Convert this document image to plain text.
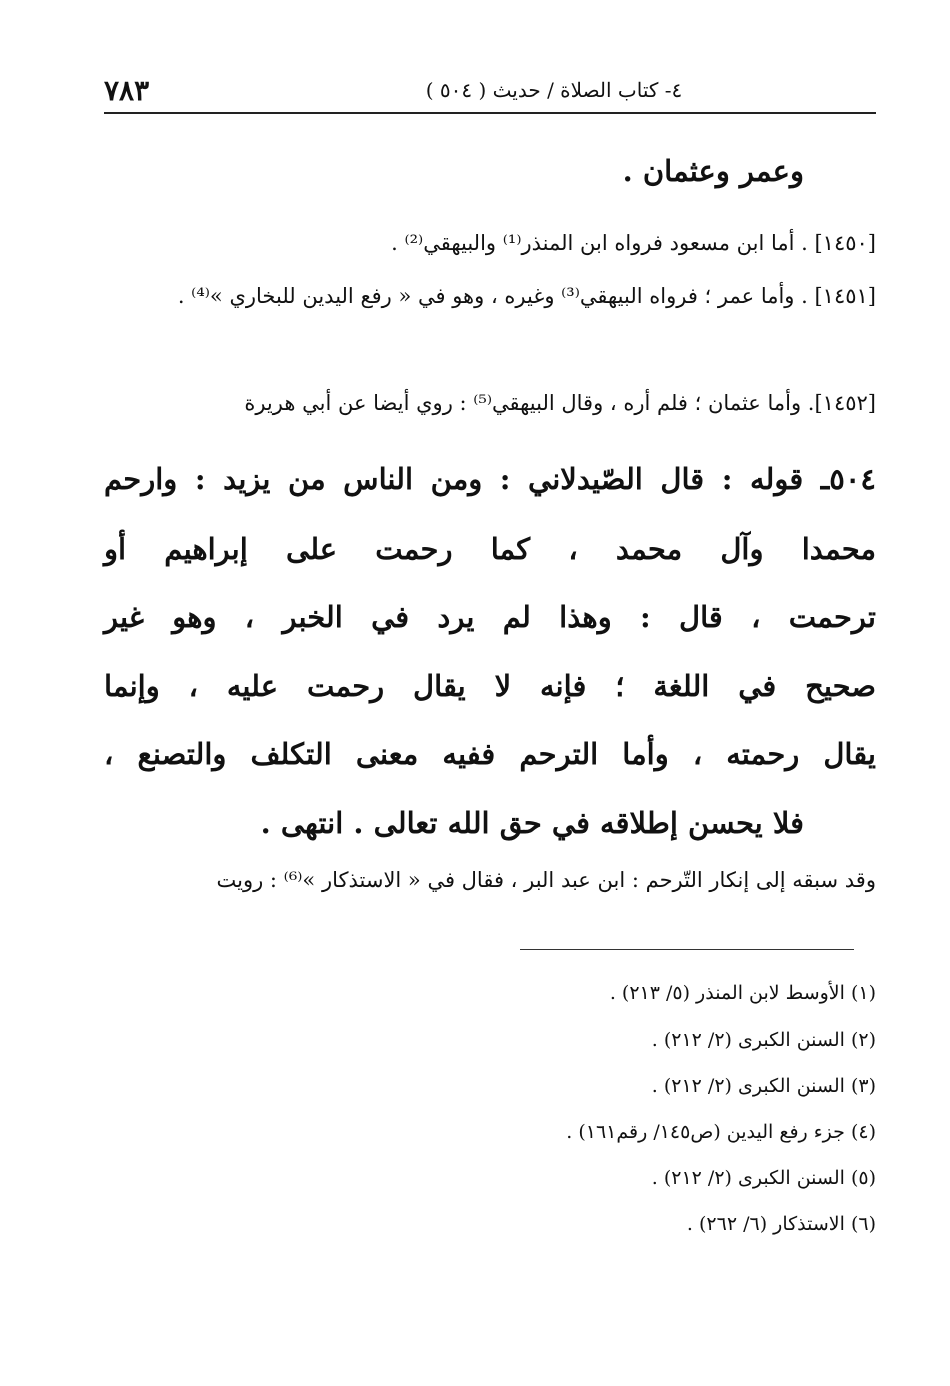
٧٨٣	٤- كتاب الصلاة / حديث ( ٥٠٤ )
وعمر وعثمان .
[١٤٥٠] . أما ابن مسعود فرواه ابن المنذر⁽¹⁾ والبيهقي⁽²⁾ .
[١٤٥١] . وأما عمر ؛ فرواه البيهقي⁽³⁾ وغيره ، وهو في « رفع اليدين للبخاري »⁽⁴⁾ .
[١٤٥٢]. وأما عثمان ؛ فلم أره ، وقال البيهقي⁽⁵⁾ : روي أيضا عن أبي هريرة
٥٠٤ـ قوله : قال الصّيدلاني : ومن الناس من يزيد : وارحم
محمدا وآل محمد ، كما رحمت على إبراهيم أو
ترحمت ، قال : وهذا لم يرد في الخبر ، وهو غير
صحيح في اللغة ؛ فإنه لا يقال رحمت عليه ، وإنما
يقال رحمته ، وأما الترحم ففيه معنى التكلف والتصنع ،
فلا يحسن إطلاقه في حق الله تعالى . انتهى .
وقد سبقه إلى إنكار التّرحم : ابن عبد البر ، فقال في « الاستذكار »⁽⁶⁾ : رويت
(١) الأوسط لابن المنذر (٥/ ٢١٣) .
(٢) السنن الكبرى (٢/ ٢١٢) .
(٣) السنن الكبرى (٢/ ٢١٢) .
(٤) جزء رفع اليدين (ص١٤٥/ رقم١٦١) .
(٥) السنن الكبرى (٢/ ٢١٢) .
(٦) الاستذكار (٦/ ٢٦٢) .
